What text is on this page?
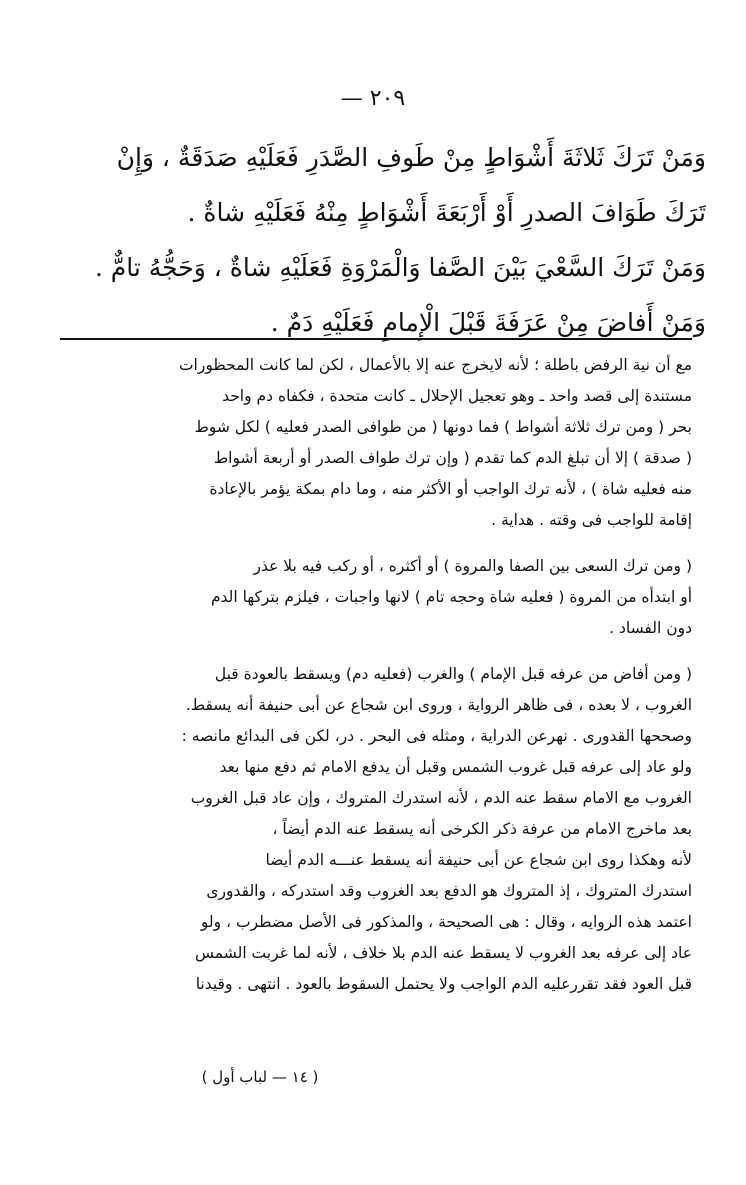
٢٠٩ —
وَمَنْ تَرَكَ ثَلاثَةَ أَشْوَاطٍ مِنْ طَوفِ الصَّدَرِ فَعَلَيْهِ صَدَقَةٌ ، وَإِنْ
تَرَكَ طَوَافَ الصدرِ أَوْ أَرْبَعَةَ أَشْوَاطٍ مِنْهُ فَعَلَيْهِ شاةٌ .
وَمَنْ تَرَكَ السَّعْيَ بَيْنَ الصَّفا وَالْمَرْوَةِ فَعَلَيْهِ شاةٌ ، وَحَجُّهُ تامٌّ .
وَمَنْ أَفاضَ مِنْ عَرَفَةَ قَبْلَ الْإِمامِ فَعَلَيْهِ دَمٌ .
مع أن نية الرفض باطلة ؛ لأنه لايخرج عنه إلا بالأعمال ، لكن لما كانت المحظورات
مستندة إلى قصد واحد ـ وهو تعجيل الإحلال ـ كانت متحدة ، فكفاه دم واحد
بحر ( ومن ترك ثلاثة أشواط ) فما دونها ( من طوافى الصدر فعليه ) لكل شوط
( صدقة ) إلا أن تبلغ الدم كما تقدم ( وإن ترك طواف الصدر أو أربعة أشواط
منه فعليه شاة ) ، لأنه ترك الواجب أو الأكثر منه ، وما دام بمكة يؤمر بالإعادة
إقامة للواجب فى وقته . هداية .
( ومن ترك السعى بين الصفا والمروة ) أو أكثره ، أو ركب فيه بلا عذر
أو ابتدأه من المروة ( فعليه شاة وحجه تام ) لانها واجبات ، فيلزم بتركها الدم
دون الفساد .
( ومن أفاض من عرفه قبل الإمام ) والغرب (فعليه دم) ويسقط بالعودة قبل
الغروب ، لا بعده ، فى ظاهر الرواية ، وروى ابن شجاع عن أبى حنيفة أنه يسقط.
وصححها القدورى . نهرعن الدراية ، ومثله فى البحر . در، لكن فى البدائع مانصه :
ولو عاد إلى عرفه قبل غروب الشمس وقبل أن يدفع الامام ثم دفع منها بعد
الغروب مع الامام سقط عنه الدم ، لأنه استدرك المتروك ، وإن عاد قبل الغروب
بعد ماخرج الامام من عرفة ذكر الكرخى أنه يسقط عنه الدم أيضاً ،
لأنه وهكذا روى ابن شجاع عن أبى حنيفة أنه يسقط عنـــه الدم أيضا
استدرك المتروك ، إذ المتروك هو الدفع بعد الغروب وقد استدركه ، والقدورى
اعتمد هذه الروايه ، وقال : هى الصحيحة ، والمذكور فى الأصل مضطرب ، ولو
عاد إلى عرفه بعد الغروب لا يسقط عنه الدم بلا خلاف ، لأنه لما غربت الشمس
قبل العود فقد تقررعليه الدم الواجب ولا يحتمل السقوط بالعود . انتهى . وقيدنا
( ١٤ — لباب أول )
